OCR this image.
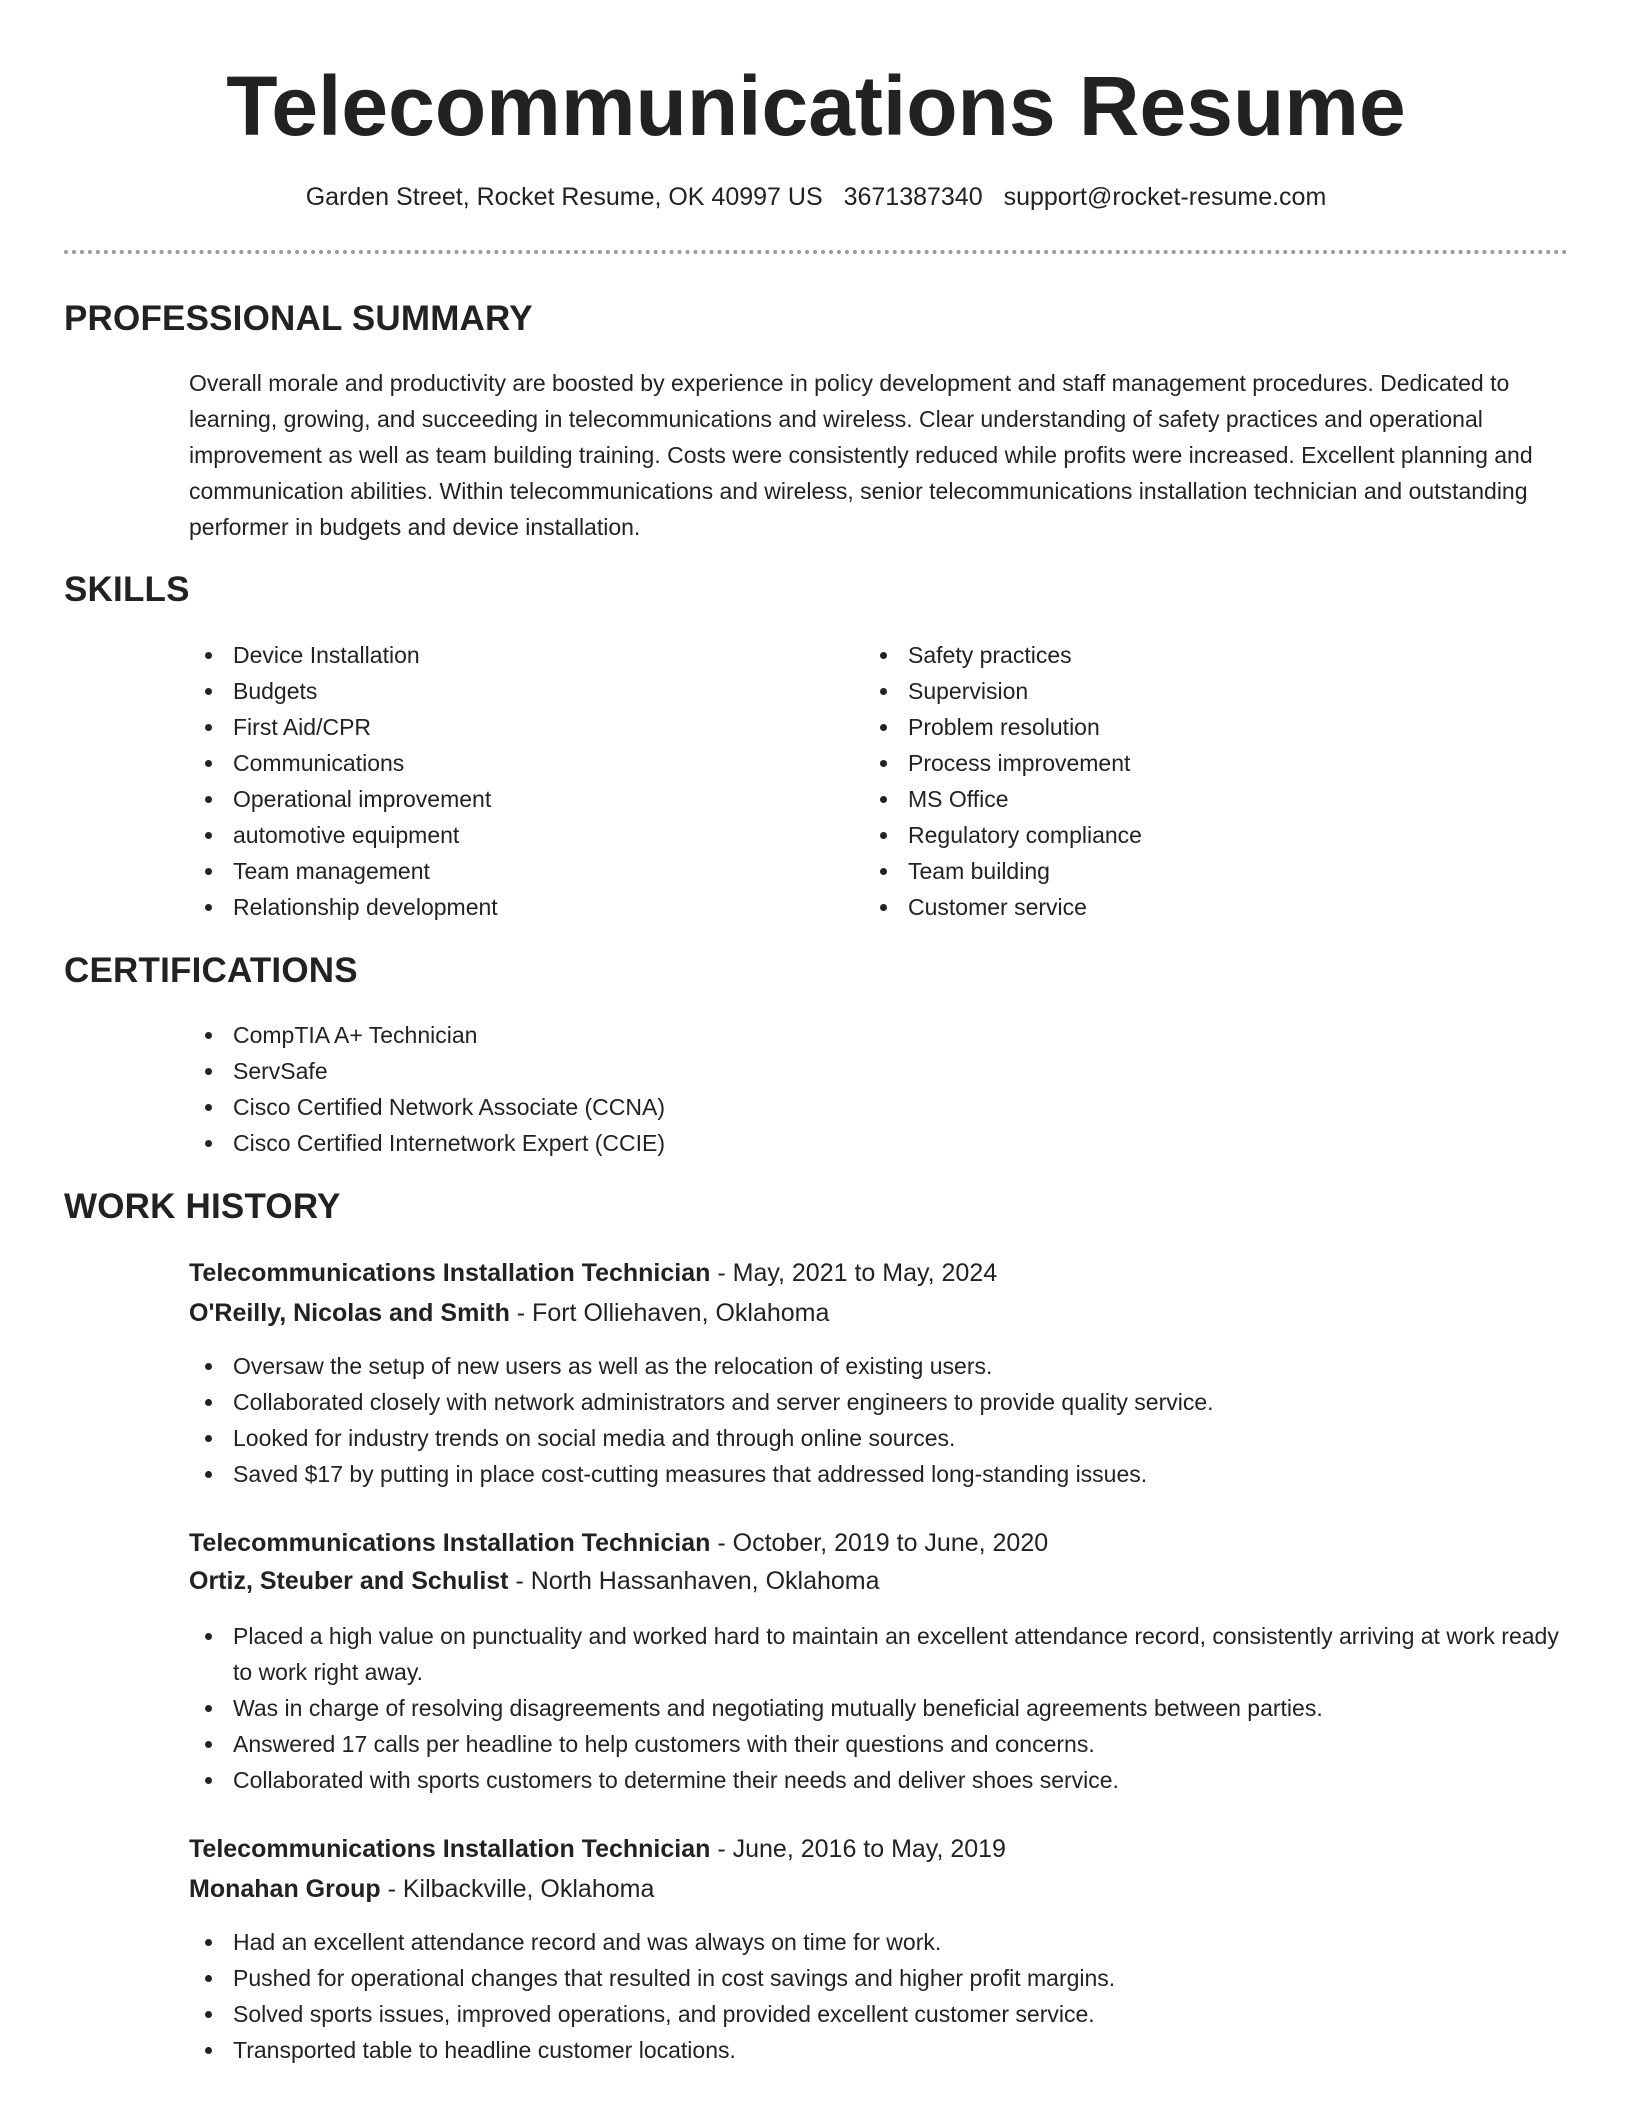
Telecommunications Resume
Garden Street, Rocket Resume, OK 40997 US 3671387340 support@rocket-resume.com
PROFESSIONAL SUMMARY

Overall morale and productivity are boosted by experience in policy development and staff management procedures. Dedicated to learning, growing, and succeeding in telecommunications and wireless. Clear understanding of safety practices and operational improvement as well as team building training. Costs were consistently reduced while profits were increased. Excellent planning and communication abilities. Within telecommunications and wireless, senior telecommunications installation technician and outstanding performer in budgets and device installation.

SKILLS
Device Installation
Budgets
First Aid/CPR
Communications
Operational improvement
automotive equipment
Team management
Relationship development
Safety practices
Supervision
Problem resolution
Process improvement
MS Office
Regulatory compliance
Team building
Customer service
CERTIFICATIONS
CompTIA A+ Technician
ServSafe
Cisco Certified Network Associate (CCNA)
Cisco Certified Internetwork Expert (CCIE)
WORK HISTORY
Telecommunications Installation Technician - May, 2021 to May, 2024
O'Reilly, Nicolas and Smith - Fort Olliehaven, Oklahoma
Oversaw the setup of new users as well as the relocation of existing users.
Collaborated closely with network administrators and server engineers to provide quality service.
Looked for industry trends on social media and through online sources.
Saved $17 by putting in place cost-cutting measures that addressed long-standing issues.
Telecommunications Installation Technician - October, 2019 to June, 2020
Ortiz, Steuber and Schulist - North Hassanhaven, Oklahoma
Placed a high value on punctuality and worked hard to maintain an excellent attendance record, consistently arriving at work ready to work right away.
Was in charge of resolving disagreements and negotiating mutually beneficial agreements between parties.
Answered 17 calls per headline to help customers with their questions and concerns.
Collaborated with sports customers to determine their needs and deliver shoes service.
Telecommunications Installation Technician - June, 2016 to May, 2019
Monahan Group - Kilbackville, Oklahoma
Had an excellent attendance record and was always on time for work.
Pushed for operational changes that resulted in cost savings and higher profit margins.
Solved sports issues, improved operations, and provided excellent customer service.
Transported table to headline customer locations.
